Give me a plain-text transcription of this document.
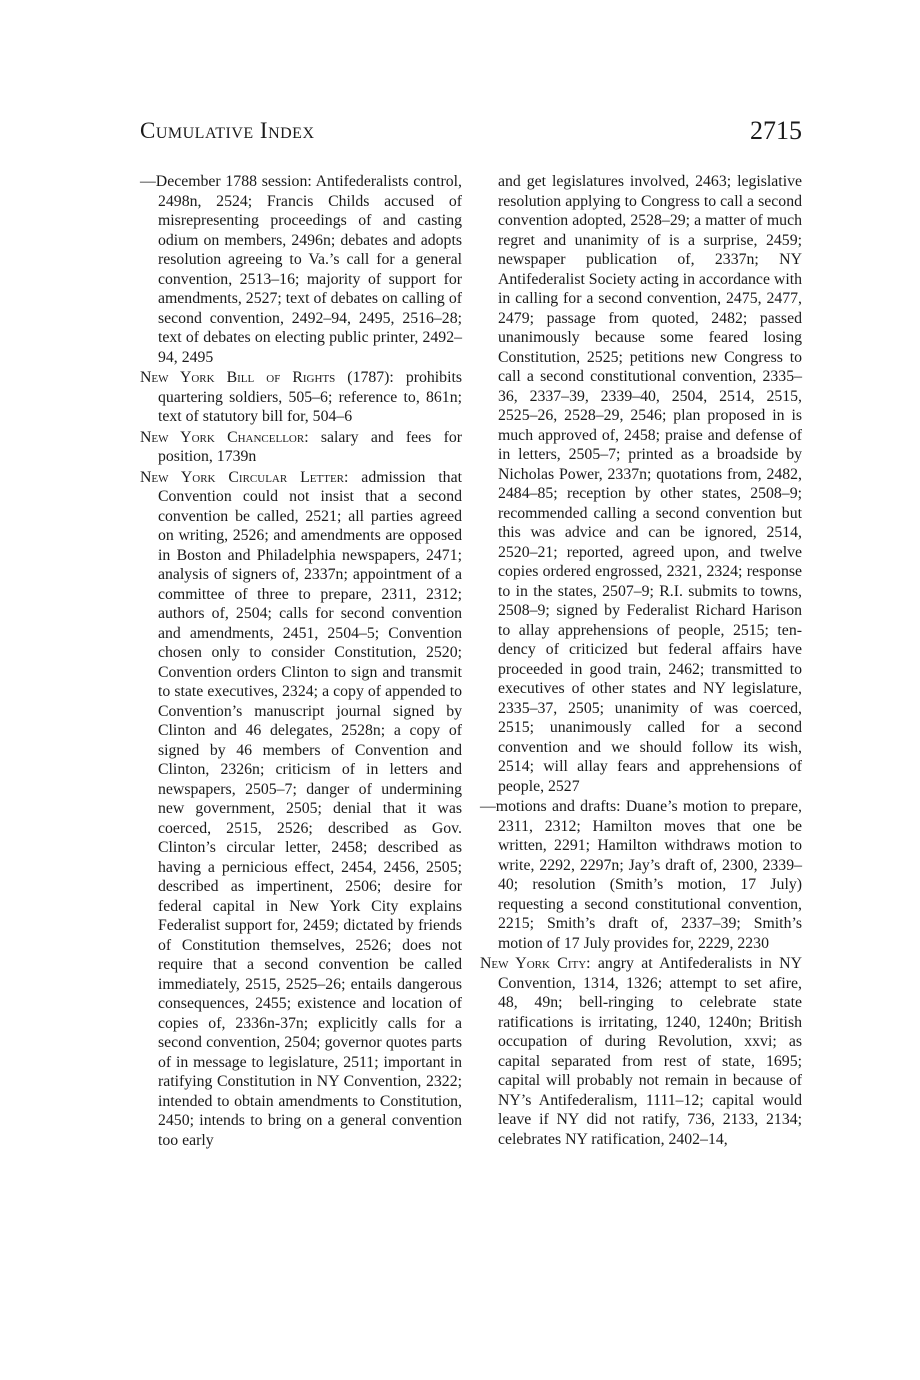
Cumulative Index	2715

—December 1788 session: Antifederalists control, 2498n, 2524; Francis Childs accused of misrepresenting proceedings of and casting odium on members, 2496n; debates and adopts resolution agreeing to Va.’s call for a general convention, 2513–16; majority of support for amendments, 2527; text of debates on calling of second convention, 2492–94, 2495, 2516–28; text of debates on electing public printer, 2492–94, 2495

New York Bill of Rights (1787): prohibits quartering soldiers, 505–6; reference to, 861n; text of statutory bill for, 504–6

New York Chancellor: salary and fees for position, 1739n

New York Circular Letter: admission that Convention could not insist that a second convention be called, 2521; all parties agreed on writing, 2526; and amendments are opposed in Boston and Philadelphia newspapers, 2471; analysis of signers of, 2337n; appointment of a committee of three to prepare, 2311, 2312; authors of, 2504; calls for second convention and amendments, 2451, 2504–5; Convention chosen only to consider Constitution, 2520; Convention orders Clinton to sign and transmit to state executives, 2324; a copy of appended to Convention’s manuscript journal signed by Clinton and 46 delegates, 2528n; a copy of signed by 46 members of Convention and Clinton, 2326n; criticism of in letters and newspapers, 2505–7; danger of undermining new government, 2505; denial that it was coerced, 2515, 2526; described as Gov. Clinton’s circular letter, 2458; described as having a pernicious effect, 2454, 2456, 2505; described as impertinent, 2506; desire for federal capital in New York City explains Federalist support for, 2459; dictated by friends of Constitution themselves, 2526; does not require that a second convention be called immediately, 2515, 2525–26; entails dangerous consequences, 2455; existence and location of copies of, 2336n-37n; explicitly calls for a second convention, 2504; governor quotes parts of in message to legislature, 2511; important in ratifying Constitution in NY Convention, 2322; intended to obtain amendments to Constitution, 2450; intends to bring on a general convention too early

and get legislatures involved, 2463; legislative resolution applying to Congress to call a second convention adopted, 2528–29; a matter of much regret and unanimity of is a surprise, 2459; newspaper publication of, 2337n; NY Antifederalist Society acting in accordance with in calling for a second convention, 2475, 2477, 2479; passage from quoted, 2482; passed unanimously because some feared losing Constitution, 2525; petitions new Congress to call a second constitutional convention, 2335–36, 2337–39, 2339–40, 2504, 2514, 2515, 2525–26, 2528–29, 2546; plan proposed in is much approved of, 2458; praise and defense of in letters, 2505–7; printed as a broadside by Nicholas Power, 2337n; quotations from, 2482, 2484–85; reception by other states, 2508–9; recommended calling a second convention but this was advice and can be ignored, 2514, 2520–21; reported, agreed upon, and twelve copies ordered engrossed, 2321, 2324; response to in the states, 2507–9; R.I. submits to towns, 2508–9; signed by Federalist Richard Harison to allay apprehensions of people, 2515; tendency of criticized but federal affairs have proceeded in good train, 2462; transmitted to executives of other states and NY legislature, 2335–37, 2505; unanimity of was coerced, 2515; unanimously called for a second convention and we should follow its wish, 2514; will allay fears and apprehensions of people, 2527

—motions and drafts: Duane’s motion to prepare, 2311, 2312; Hamilton moves that one be written, 2291; Hamilton withdraws motion to write, 2292, 2297n; Jay’s draft of, 2300, 2339–40; resolution (Smith’s motion, 17 July) requesting a second constitutional convention, 2215; Smith’s draft of, 2337–39; Smith’s motion of 17 July provides for, 2229, 2230

New York City: angry at Antifederalists in NY Convention, 1314, 1326; attempt to set afire, 48, 49n; bell-ringing to celebrate state ratifications is irritating, 1240, 1240n; British occupation of during Revolution, xxvi; as capital separated from rest of state, 1695; capital will probably not remain in because of NY’s Antifederalism, 1111–12; capital would leave if NY did not ratify, 736, 2133, 2134; celebrates NY ratification, 2402–14,
